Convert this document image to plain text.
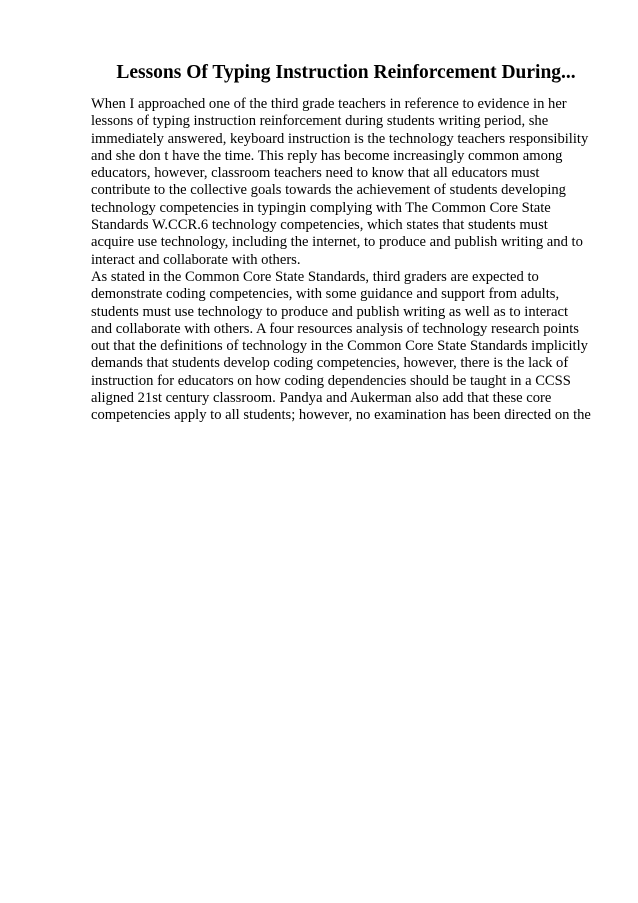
Lessons Of Typing Instruction Reinforcement During...
When I approached one of the third grade teachers in reference to evidence in her
lessons of typing instruction reinforcement during students writing period, she
immediately answered, keyboard instruction is the technology teachers responsibility
and she don t have the time. This reply has become increasingly common among
educators, however, classroom teachers need to know that all educators must
contribute to the collective goals towards the achievement of students developing
technology competencies in typingin complying with The Common Core State
Standards W.CCR.6 technology competencies, which states that students must
acquire use technology, including the internet, to produce and publish writing and to
interact and collaborate with others.
As stated in the Common Core State Standards, third graders are expected to
demonstrate coding competencies, with some guidance and support from adults,
students must use technology to produce and publish writing as well as to interact
and collaborate with others. A four resources analysis of technology research points
out that the definitions of technology in the Common Core State Standards implicitly
demands that students develop coding competencies, however, there is the lack of
instruction for educators on how coding dependencies should be taught in a CCSS
aligned 21st century classroom. Pandya and Aukerman also add that these core
competencies apply to all students; however, no examination has been directed on the
